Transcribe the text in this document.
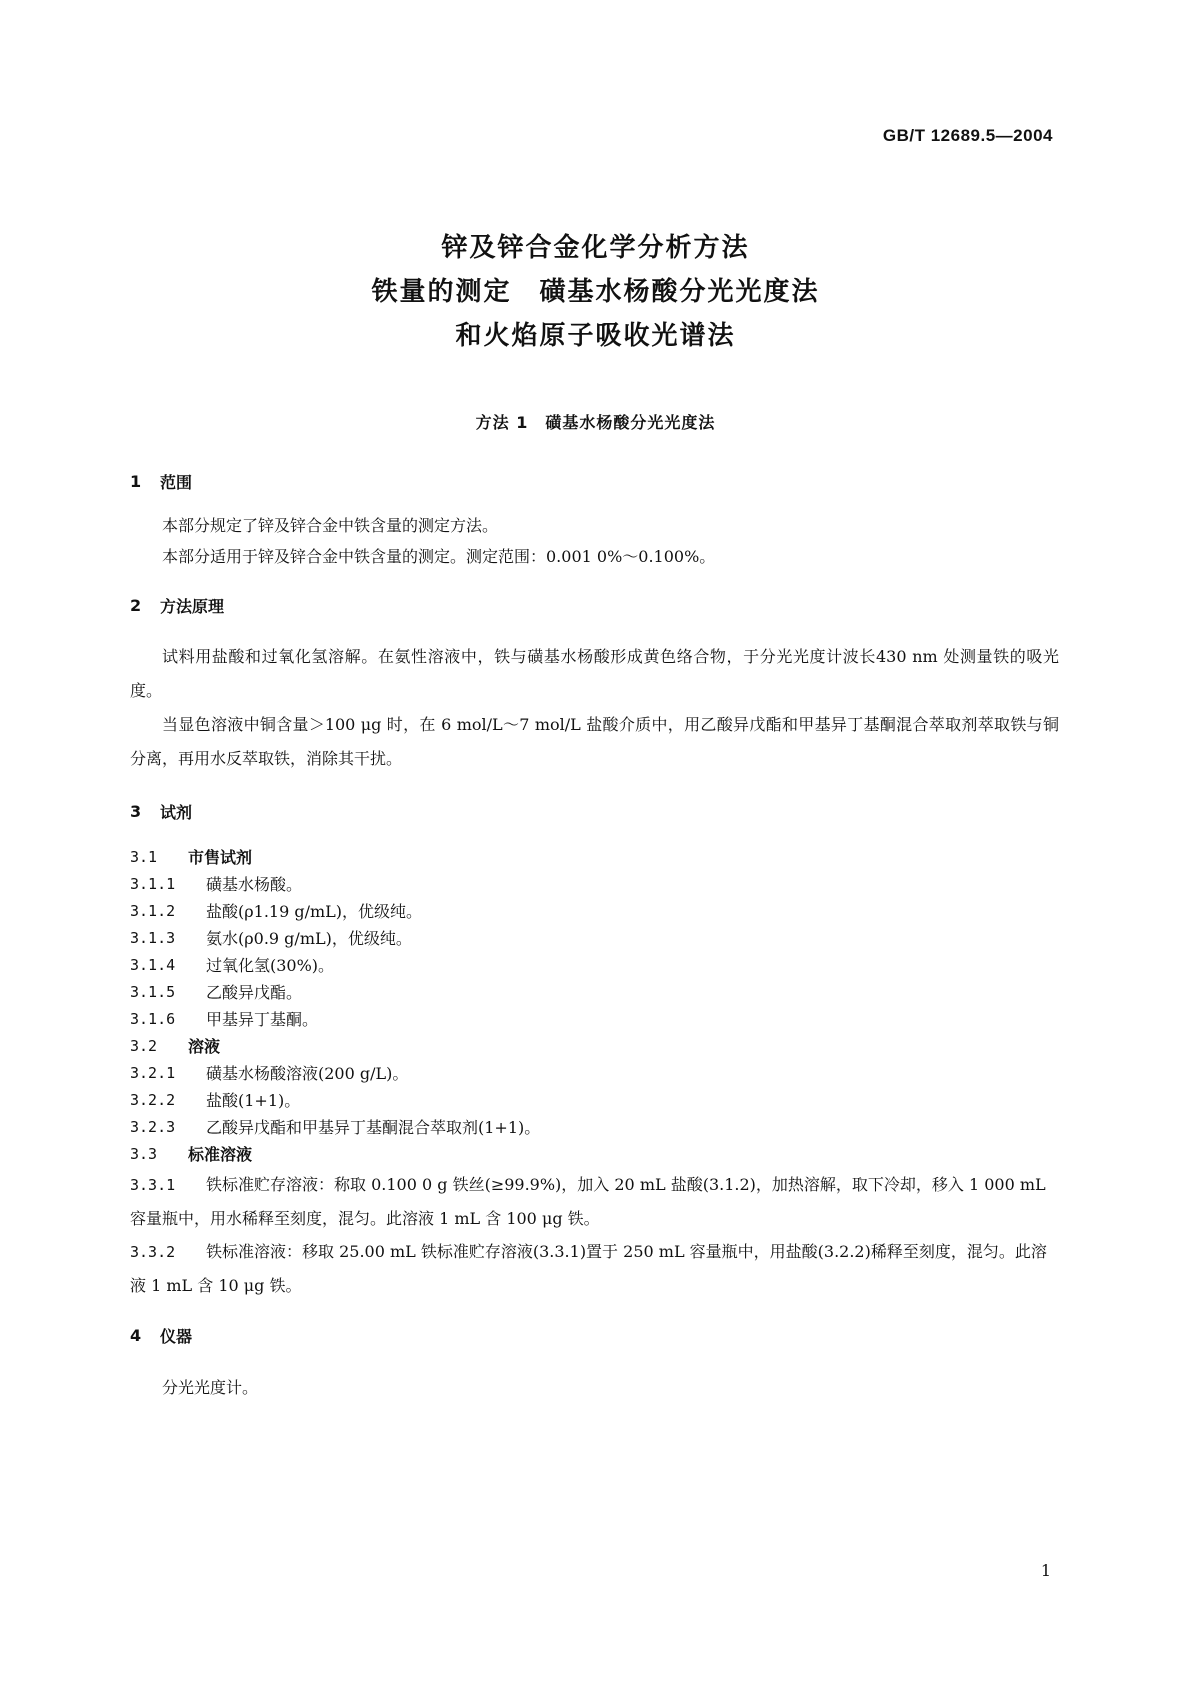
GB/T 12689.5—2004
锌及锌合金化学分析方法
铁量的测定　磺基水杨酸分光光度法
和火焰原子吸收光谱法
方法 1　磺基水杨酸分光光度法
1	范围

本部分规定了锌及锌合金中铁含量的测定方法。

本部分适用于锌及锌合金中铁含量的测定。测定范围：0.001 0%～0.100%。

2	方法原理

试料用盐酸和过氧化氢溶解。在氨性溶液中，铁与磺基水杨酸形成黄色络合物，于分光光度计波长430 nm 处测量铁的吸光度。

当显色溶液中铜含量＞100 μg 时，在 6 mol/L～7 mol/L 盐酸介质中，用乙酸异戊酯和甲基异丁基酮混合萃取剂萃取铁与铜分离，再用水反萃取铁，消除其干扰。

3	试剂
3.1	市售试剂
3.1.1	磺基水杨酸。
3.1.2	盐酸(ρ1.19 g/mL)，优级纯。
3.1.3	氨水(ρ0.9 g/mL)，优级纯。
3.1.4	过氧化氢(30%)。
3.1.5	乙酸异戊酯。
3.1.6	甲基异丁基酮。
3.2	溶液
3.2.1	磺基水杨酸溶液(200 g/L)。
3.2.2	盐酸(1+1)。
3.2.3	乙酸异戊酯和甲基异丁基酮混合萃取剂(1+1)。
3.3	标准溶液
3.3.1 铁标准贮存溶液：称取 0.100 0 g 铁丝(≥99.9%)，加入 20 mL 盐酸(3.1.2)，加热溶解，取下冷却，移入 1 000 mL 容量瓶中，用水稀释至刻度，混匀。此溶液 1 mL 含 100 μg 铁。
3.3.2 铁标准溶液：移取 25.00 mL 铁标准贮存溶液(3.3.1)置于 250 mL 容量瓶中，用盐酸(3.2.2)稀释至刻度，混匀。此溶液 1 mL 含 10 μg 铁。
4	仪器

分光光度计。

1
